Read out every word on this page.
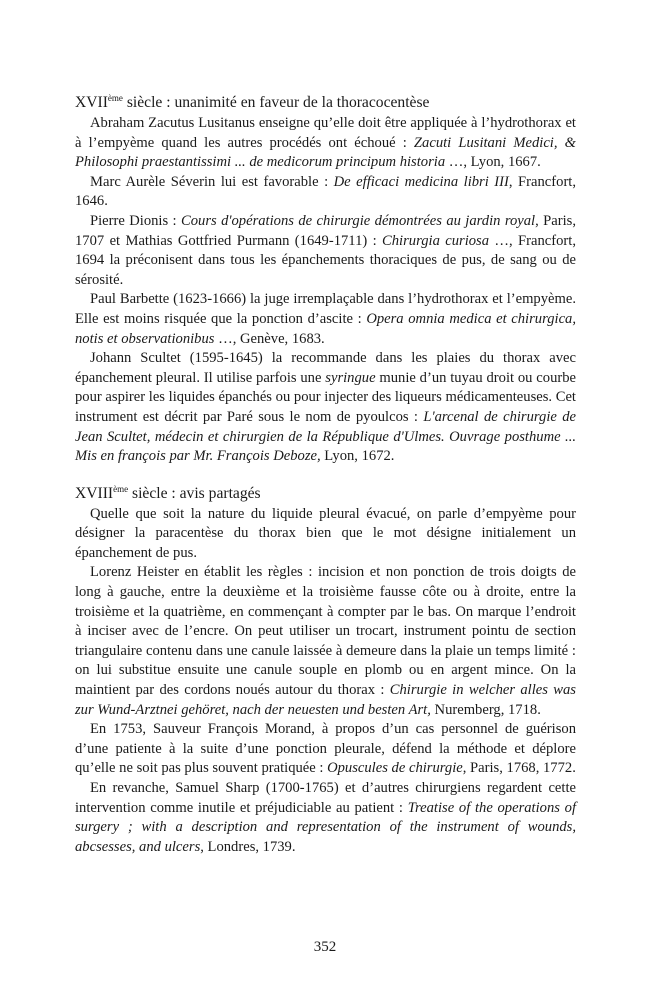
XVIIème siècle : unanimité en faveur de la thoracocentèse

Abraham Zacutus Lusitanus enseigne qu’elle doit être appliquée à l’hydrothorax et à l’empyème quand les autres procédés ont échoué : Zacuti Lusitani Medici, & Philosophi praestantissimi ... de medicorum principum historia …, Lyon, 1667.

Marc Aurèle Séverin lui est favorable : De efficaci medicina libri III, Francfort, 1646.

Pierre Dionis : Cours d'opérations de chirurgie démontrées au jardin royal, Paris, 1707 et Mathias Gottfried Purmann (1649-1711) : Chirurgia curiosa …, Francfort, 1694 la préconisent dans tous les épanchements thoraciques de pus, de sang ou de sérosité.

Paul Barbette (1623-1666) la juge irremplaçable dans l’hydrothorax et l’empyème. Elle est moins risquée que la ponction d’ascite : Opera omnia medica et chirurgica, notis et observationibus …, Genève, 1683.

Johann Scultet (1595-1645) la recommande dans les plaies du thorax avec épanchement pleural. Il utilise parfois une syringue munie d’un tuyau droit ou courbe pour aspirer les liquides épanchés ou pour injecter des liqueurs médicamenteuses. Cet instrument est décrit par Paré sous le nom de pyoulcos : L'arcenal de chirurgie de Jean Scultet, médecin et chirurgien de la République d'Ulmes. Ouvrage posthume ... Mis en françois par Mr. François Deboze, Lyon, 1672.

XVIIIème siècle : avis partagés

Quelle que soit la nature du liquide pleural évacué, on parle d’empyème pour désigner la paracentèse du thorax bien que le mot désigne initialement un épanchement de pus.

Lorenz Heister en établit les règles : incision et non ponction de trois doigts de long à gauche, entre la deuxième et la troisième fausse côte ou à droite, entre la troisième et la quatrième, en commençant à compter par le bas. On marque l’endroit à inciser avec de l’encre. On peut utiliser un trocart, instrument pointu de section triangulaire contenu dans une canule laissée à demeure dans la plaie un temps limité : on lui substitue ensuite une canule souple en plomb ou en argent mince. On la maintient par des cordons noués autour du thorax : Chirurgie in welcher alles was zur Wund-Arztnei gehöret, nach der neuesten und besten Art, Nuremberg, 1718.

En 1753, Sauveur François Morand, à propos d’un cas personnel de guérison d’une patiente à la suite d’une ponction pleurale, défend la méthode et déplore qu’elle ne soit pas plus souvent pratiquée : Opuscules de chirurgie, Paris, 1768, 1772.

En revanche, Samuel Sharp (1700-1765) et d’autres chirurgiens regardent cette intervention comme inutile et préjudiciable au patient : Treatise of the operations of surgery ; with a description and representation of the instrument of wounds, abcsesses, and ulcers, Londres, 1739.

352
